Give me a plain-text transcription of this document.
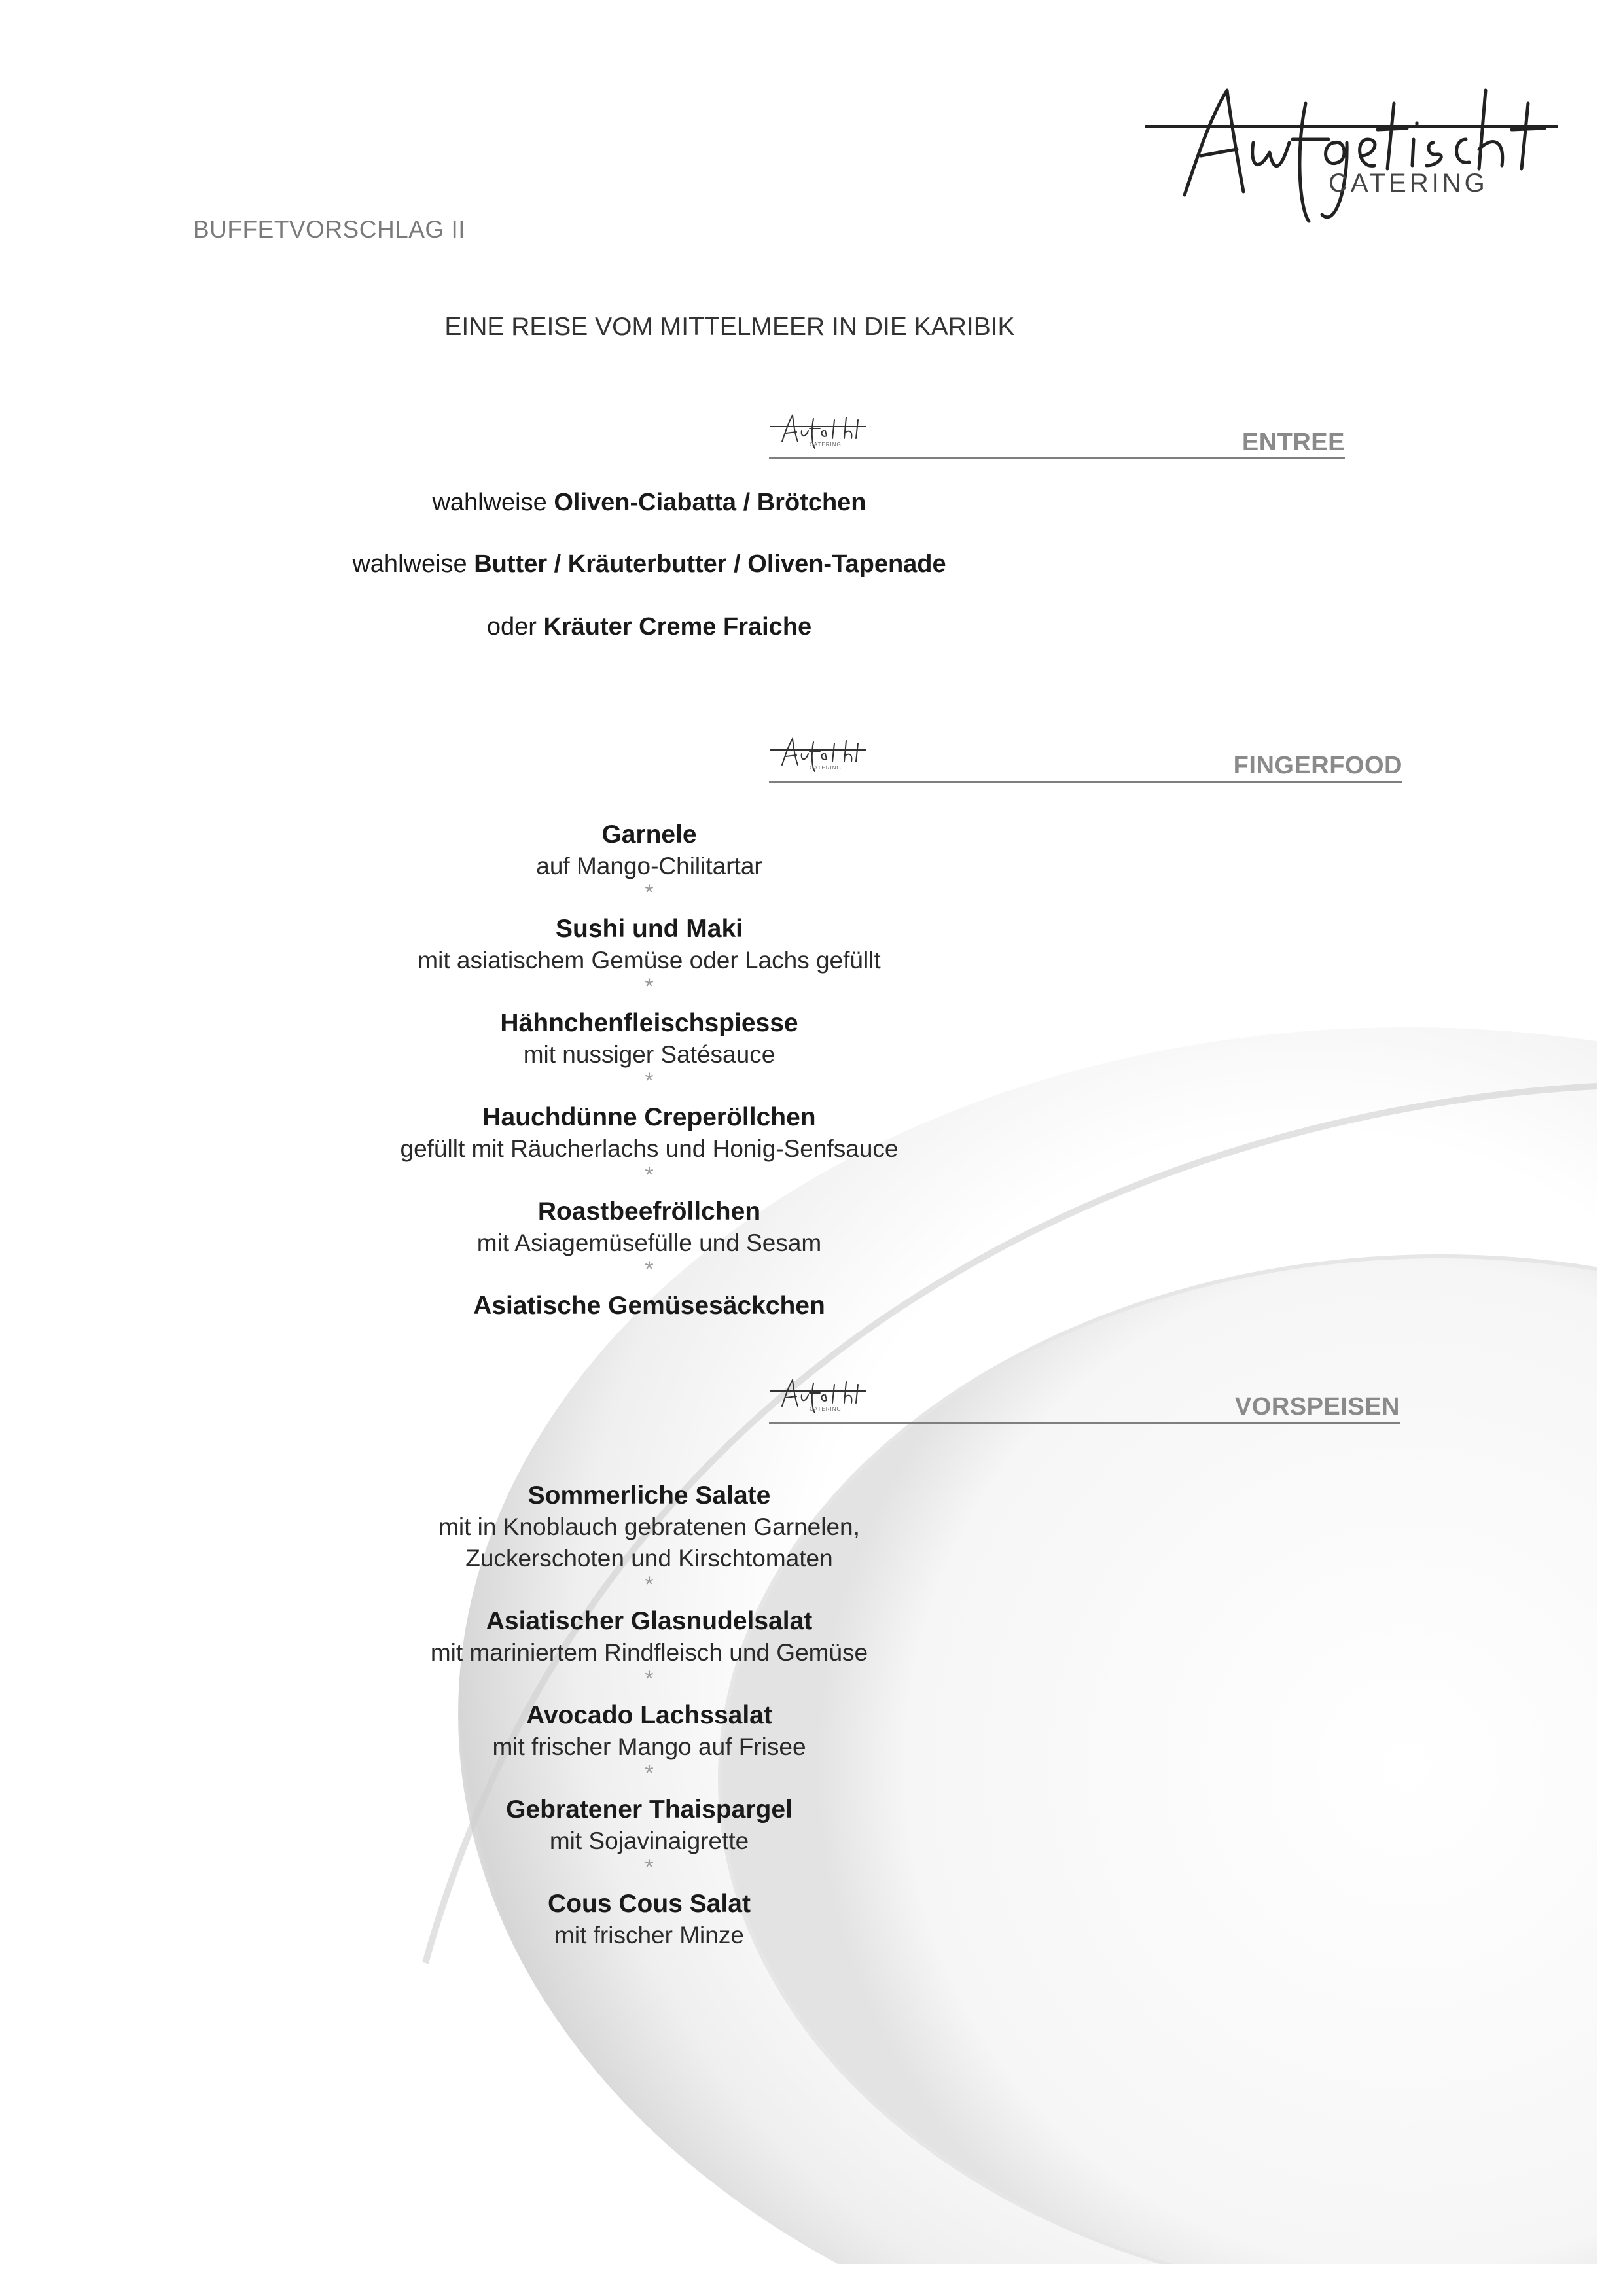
CATERING
BUFFETVORSCHLAG II
EINE REISE VOM MITTELMEER IN DIE KARIBIK
CATERING	ENTREE
wahlweise Oliven-Ciabatta / Brötchen
wahlweise Butter / Kräuterbutter / Oliven-Tapenade
oder Kräuter Creme Fraiche
CATERING	FINGERFOOD
Garnele
auf Mango-Chilitartar
*
Sushi und Maki
mit asiatischem Gemüse oder Lachs gefüllt
*
Hähnchenfleischspiesse
mit nussiger Satésauce
*
Hauchdünne Creperöllchen
gefüllt mit Räucherlachs und Honig-Senfsauce
*
Roastbeefröllchen
mit Asiagemüsefülle und Sesam
*
Asiatische Gemüsesäckchen
CATERING	VORSPEISEN
Sommerliche Salate
mit in Knoblauch gebratenen Garnelen,
Zuckerschoten und Kirschtomaten
*
Asiatischer Glasnudelsalat
mit mariniertem Rindfleisch und Gemüse
*
Avocado Lachssalat
mit frischer Mango auf Frisee
*
Gebratener Thaispargel
mit Sojavinaigrette
*
Cous Cous Salat
mit frischer Minze
